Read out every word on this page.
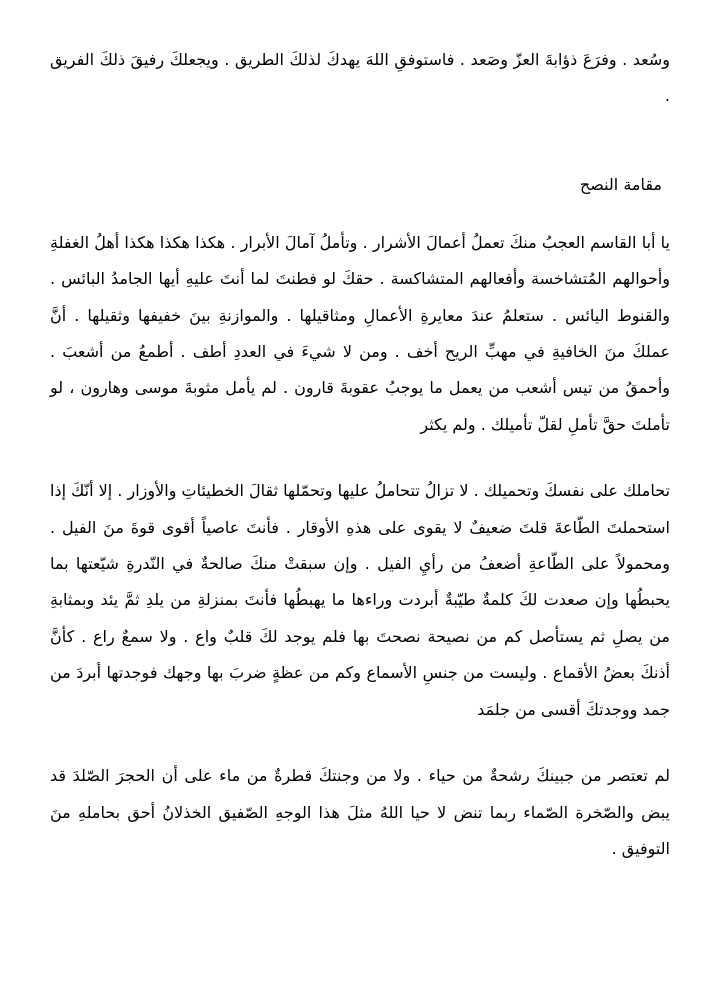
وسُعد . وفرَعَ ذؤابةَ العزّ وصَعد . فاستوفقِ اللهَ يهدكَ لذلكَ الطريق . ويجعلكَ رفيقَ ذلكَ الفريق .

مقامة النصح

يا أبا القاسم العجبُ منكَ تعملُ أعمالَ الأشرار . وتأملُ آمالَ الأبرار . هكذا هكذا هكذا أهلُ الغفلةِ وأحوالهم المُتشاخسة وأفعالهم المتشاكسة . حقكَ لو فطنتَ لما أنتَ عليهِ أيها الجامدُ البائس . والقنوط اليائس . ستعلمُ عندَ معايرةِ الأعمالِ ومثاقيلها . والموازنةِ بينَ خفيفها وثقيلها . أنَّ عملكَ منَ الخافيةِ في مهبِّ الريح أخف . ومن لا شيءَ في العددِ أطف . أطمعُ من أشعبَ . وأحمقُ من تيس أشعب من يعمل ما يوجبُ عقوبةَ قارون . لم يأمل مثوبةَ موسى وهارون ، لو تأملتَ حقَّ تأملِ لقلّ تأميلك . ولم يكثر

تحاملك على نفسكَ وتحميلك . لا تزالُ تتحاملُ عليها وتحمّلها ثقالَ الخطيئاتِ والأوزار . إلا أنّكَ إذا استحملتَ الطّاعةَ قلتَ ضعيفٌ لا يقوى على هذهِ الأوقار . فأنتَ عاصياً أقوى قوةَ منَ الفيل . ومحمولاً على الطّاعةِ أضعفُ من رأيِ الفيل . وإن سبقتْ منكَ صالحةٌ في النّدرةِ شيّعتها بما يحبطُها وإن صعدت لكَ كلمةٌ طيّبةٌ أبردت وراءها ما يهبطُها فأنتَ بمنزلةِ من يلدِ ثمَّ يئد وبمثابةِ من يصلِ ثم يستأصل كم من نصيحة نصحتَ بها فلم يوجد لكَ قلبٌ واع . ولا سمعٌ راع . كأنَّ أذنكَ بعضُ الأقماع . وليست من جنسِ الأسماع وكم من عظةٍ ضربَ بها وجهك فوجدتها أبردَ من جمد ووجدتكَ أقسى من جلمَد

لم تعتصر من جبينكَ رشحةٌ من حياء . ولا من وجنتكَ قطرةٌ من ماء على أن الحجرَ الصّلدَ قد يبض والصّخرة الصّماء ربما تنض لا حيا اللهُ مثلَ هذا الوجهِ الصّفيق الخذلانُ أحق بحاملهِ منَ التوفيق .
